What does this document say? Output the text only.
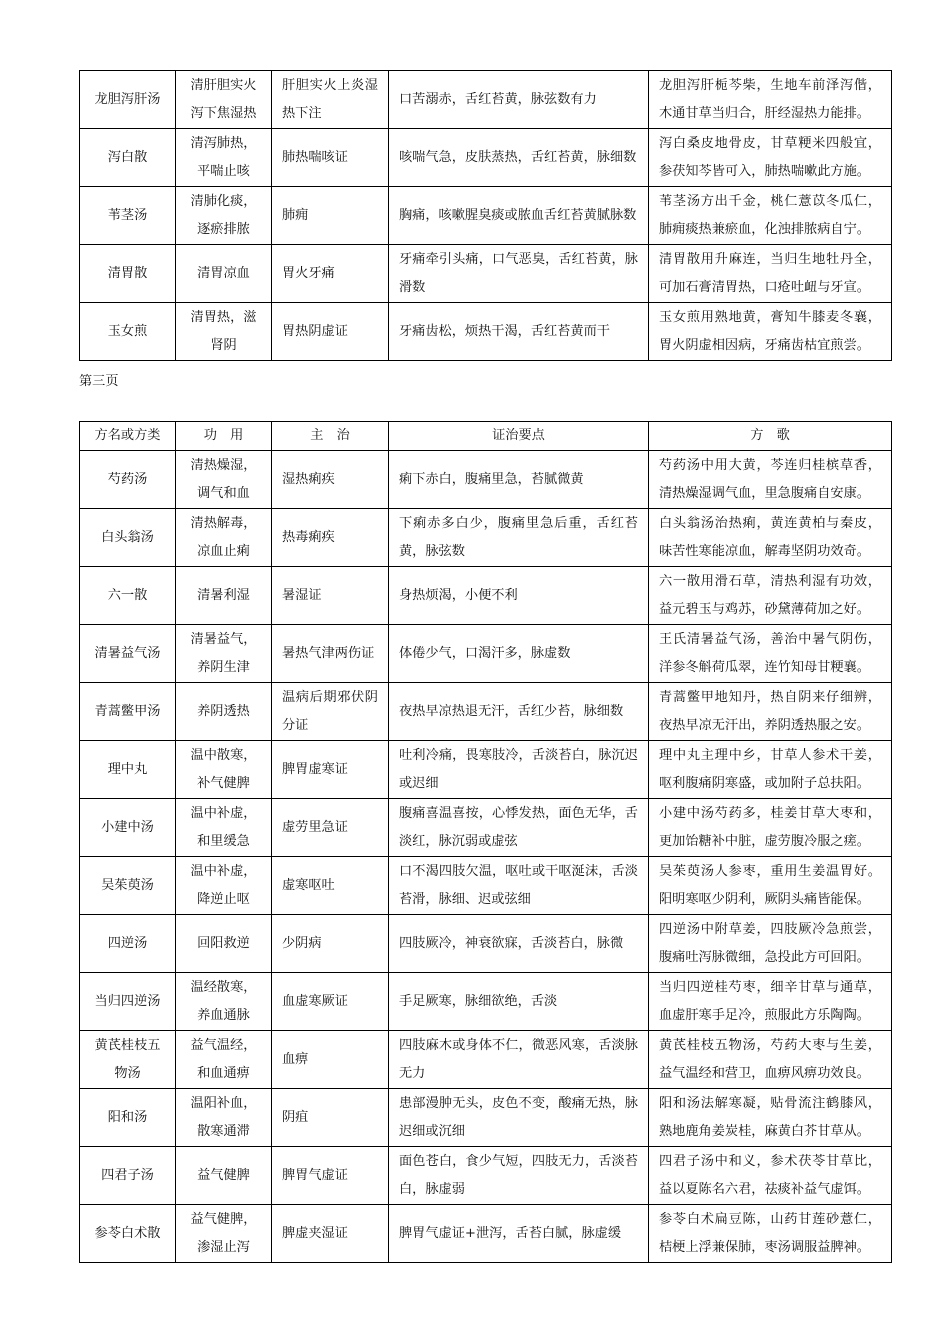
龙胆泻肝汤	清肝胆实火泻下焦湿热	肝胆实火上炎湿热下注	口苦溺赤，舌红苔黄，脉弦数有力	龙胆泻肝栀芩柴，生地车前泽泻偕，木通甘草当归合，肝经湿热力能排。
泻白散	清泻肺热，平喘止咳	肺热喘咳证	咳喘气急，皮肤蒸热，舌红苔黄，脉细数	泻白桑皮地骨皮，甘草粳米四般宜，参茯知芩皆可入，肺热喘嗽此方施。
苇茎汤	清肺化痰，逐瘀排脓	肺痈	胸痛，咳嗽腥臭痰或脓血舌红苔黄腻脉数	苇茎汤方出千金，桃仁薏苡冬瓜仁，肺痈痰热兼瘀血，化浊排脓病自宁。
清胃散	清胃凉血	胃火牙痛	牙痛牵引头痛，口气恶臭，舌红苔黄，脉滑数	清胃散用升麻连，当归生地牡丹全，可加石膏清胃热，口疮吐衄与牙宣。
玉女煎	清胃热，滋肾阴	胃热阴虚证	牙痛齿松，烦热干渴，舌红苔黄而干	玉女煎用熟地黄，膏知牛膝麦冬襄，胃火阴虚相因病，牙痛齿枯宜煎尝。
第三页
方名或方类	功　用	主　治	证治要点	方　歌
芍药汤	清热燥湿，调气和血	湿热痢疾	痢下赤白，腹痛里急，苔腻微黄	芍药汤中用大黄，芩连归桂槟草香，清热燥湿调气血，里急腹痛自安康。
白头翁汤	清热解毒，凉血止痢	热毒痢疾	下痢赤多白少，腹痛里急后重，舌红苔黄，脉弦数	白头翁汤治热痢，黄连黄柏与秦皮，味苦性寒能凉血，解毒坚阴功效奇。
六一散	清暑利湿	暑湿证	身热烦渴，小便不利	六一散用滑石草，清热利湿有功效，益元碧玉与鸡苏，砂黛薄荷加之好。
清暑益气汤	清暑益气，养阴生津	暑热气津两伤证	体倦少气，口渴汗多，脉虚数	王氏清暑益气汤，善治中暑气阴伤，洋参冬斛荷瓜翠，连竹知母甘粳襄。
青蒿鳖甲汤	养阴透热	温病后期邪伏阴分证	夜热早凉热退无汗，舌红少苔，脉细数	青蒿鳖甲地知丹，热自阴来仔细辨，夜热早凉无汗出，养阴透热服之安。
理中丸	温中散寒，补气健脾	脾胃虚寒证	吐利冷痛，畏寒肢冷，舌淡苔白，脉沉迟或迟细	理中丸主理中乡，甘草人参术干姜，呕利腹痛阴寒盛，或加附子总扶阳。
小建中汤	温中补虚，和里缓急	虚劳里急证	腹痛喜温喜按，心悸发热，面色无华，舌淡红，脉沉弱或虚弦	小建中汤芍药多，桂姜甘草大枣和，更加饴糖补中脏，虚劳腹冷服之瘥。
吴茱萸汤	温中补虚，降逆止呕	虚寒呕吐	口不渴四肢欠温，呕吐或干呕涎沫，舌淡苔滑，脉细、迟或弦细	吴茱萸汤人参枣，重用生姜温胃好。阳明寒呕少阴利，厥阴头痛皆能保。
四逆汤	回阳救逆	少阴病	四肢厥冷，神衰欲寐，舌淡苔白，脉微	四逆汤中附草姜，四肢厥冷急煎尝，腹痛吐泻脉微细，急投此方可回阳。
当归四逆汤	温经散寒，养血通脉	血虚寒厥证	手足厥寒，脉细欲绝，舌淡	当归四逆桂芍枣，细辛甘草与通草，血虚肝寒手足冷，煎服此方乐陶陶。
黄芪桂枝五物汤	益气温经，和血通痹	血痹	四肢麻木或身体不仁，微恶风寒，舌淡脉无力	黄芪桂枝五物汤，芍药大枣与生姜，益气温经和营卫，血痹风痹功效良。
阳和汤	温阳补血，散寒通滞	阴疽	患部漫肿无头，皮色不变，酸痛无热，脉迟细或沉细	阳和汤法解寒凝，贴骨流注鹤膝风，熟地鹿角姜炭桂，麻黄白芥甘草从。
四君子汤	益气健脾	脾胃气虚证	面色苍白，食少气短，四肢无力，舌淡苔白，脉虚弱	四君子汤中和义，参术茯苓甘草比，益以夏陈名六君，祛痰补益气虚饵。
参苓白术散	益气健脾，渗湿止泻	脾虚夹湿证	脾胃气虚证+泄泻，舌苔白腻，脉虚缓	参苓白术扁豆陈，山药甘莲砂薏仁，桔梗上浮兼保肺，枣汤调服益脾神。
